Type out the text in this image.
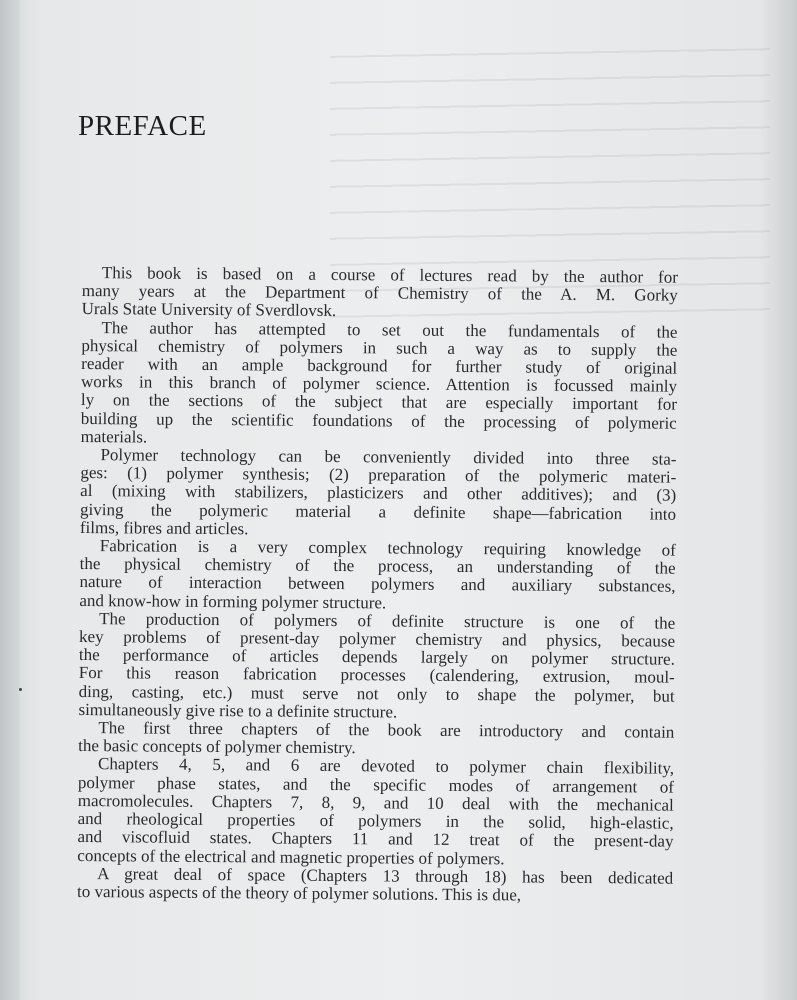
PREFACE

This book is based on a course of lectures read by the author for
many years at the Department of Chemistry of the A. M. Gorky
Urals State University of Sverdlovsk.

The author has attempted to set out the fundamentals of the
physical chemistry of polymers in such a way as to supply the
reader with an ample background for further study of original
works in this branch of polymer science. Attention is focussed mainly
ly on the sections of the subject that are especially important for
building up the scientific foundations of the processing of polymeric
materials.

Polymer technology can be conveniently divided into three sta-
ges: (1) polymer synthesis; (2) preparation of the polymeric materi-
al (mixing with stabilizers, plasticizers and other additives); and (3)
giving the polymeric material a definite shape—fabrication into
films, fibres and articles.

Fabrication is a very complex technology requiring knowledge of
the physical chemistry of the process, an understanding of the
nature of interaction between polymers and auxiliary substances,
and know-how in forming polymer structure.

The production of polymers of definite structure is one of the
key problems of present-day polymer chemistry and physics, because
the performance of articles depends largely on polymer structure.
For this reason fabrication processes (calendering, extrusion, moul-
ding, casting, etc.) must serve not only to shape the polymer, but
simultaneously give rise to a definite structure.

The first three chapters of the book are introductory and contain
the basic concepts of polymer chemistry.

Chapters 4, 5, and 6 are devoted to polymer chain flexibility,
polymer phase states, and the specific modes of arrangement of
macromolecules. Chapters 7, 8, 9, and 10 deal with the mechanical
and rheological properties of polymers in the solid, high-elastic,
and viscofluid states. Chapters 11 and 12 treat of the present-day
concepts of the electrical and magnetic properties of polymers.

A great deal of space (Chapters 13 through 18) has been dedicated
to various aspects of the theory of polymer solutions. This is due,
